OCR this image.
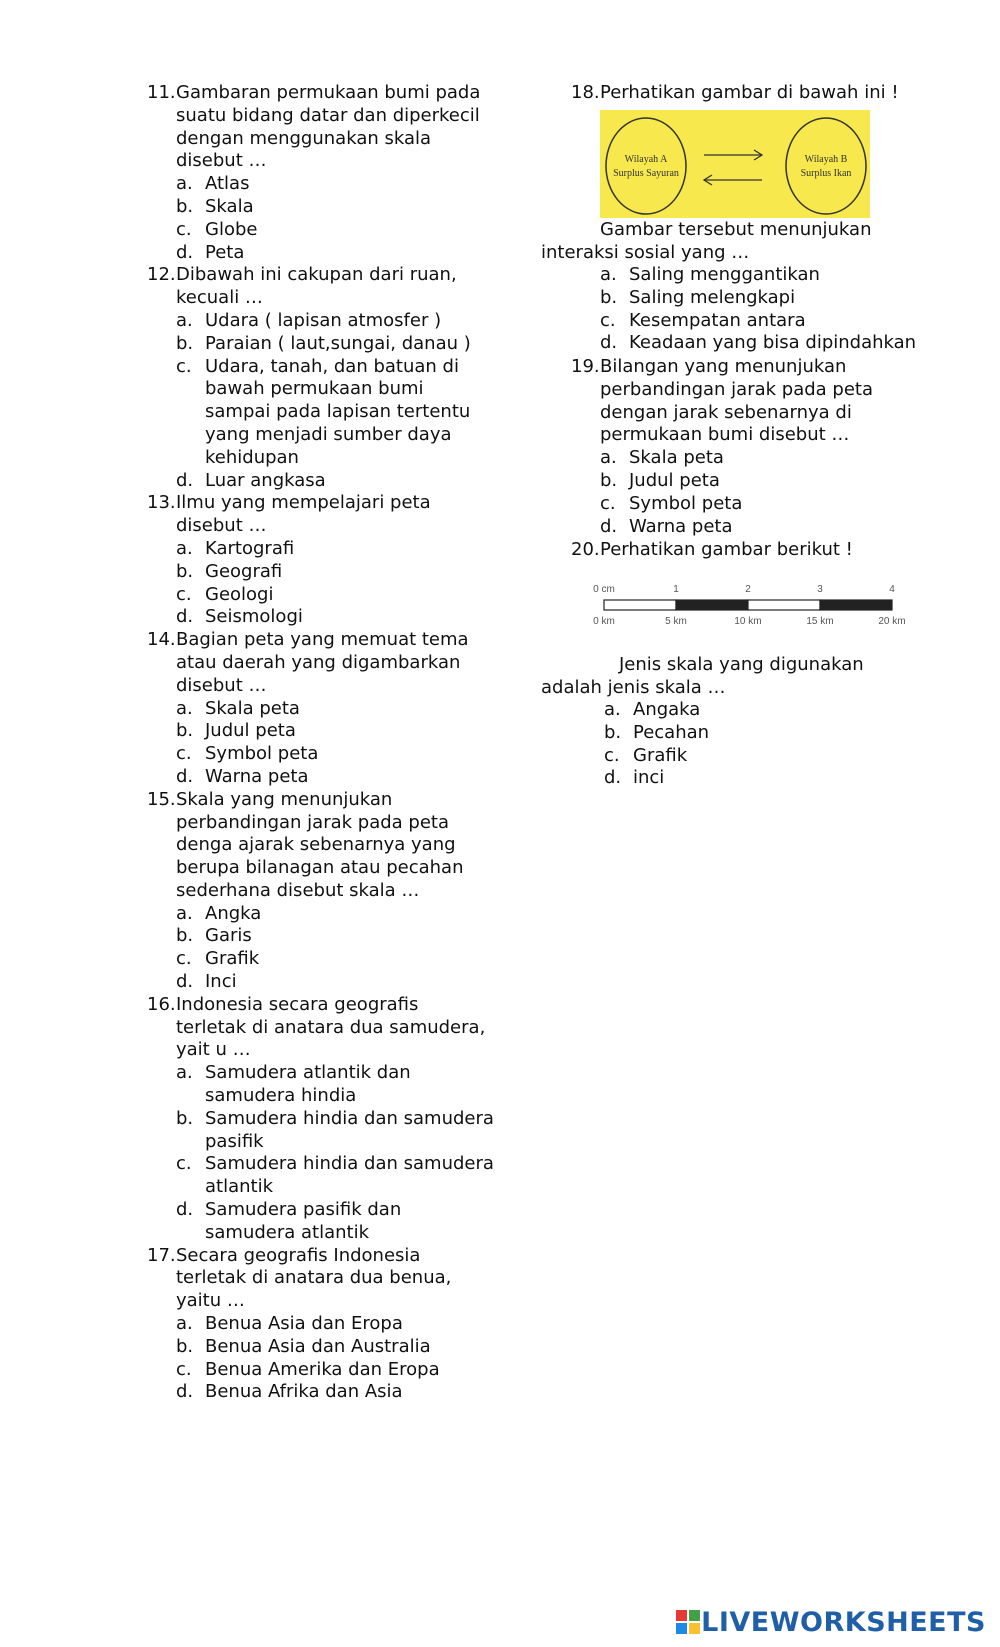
11. Gambaran permukaan bumi pada
suatu bidang datar dan diperkecil
dengan menggunakan skala
disebut …
a. Atlas
b. Skala
c. Globe
d. Peta
12. Dibawah ini cakupan dari ruan,
kecuali …
a. Udara ( lapisan atmosfer )
b. Paraian ( laut,sungai, danau )
c. Udara, tanah, dan batuan di
bawah permukaan bumi
sampai pada lapisan tertentu
yang menjadi sumber daya
kehidupan
d. Luar angkasa
13. Ilmu yang mempelajari peta
disebut …
a. Kartografi
b. Geografi
c. Geologi
d. Seismologi
14. Bagian peta yang memuat tema
atau daerah yang digambarkan
disebut …
a. Skala peta
b. Judul peta
c. Symbol peta
d. Warna peta
15. Skala yang menunjukan
perbandingan jarak pada peta
denga ajarak sebenarnya yang
berupa bilanagan atau pecahan
sederhana disebut skala …
a. Angka
b. Garis
c. Grafik
d. Inci
16. Indonesia secara geografis
terletak di anatara dua samudera,
yait u …
a. Samudera atlantik dan
samudera hindia
b. Samudera hindia dan samudera
pasifik
c. Samudera hindia dan samudera
atlantik
d. Samudera pasifik dan
samudera atlantik
17. Secara geografis Indonesia
terletak di anatara dua benua,
yaitu …
a. Benua Asia dan Eropa
b. Benua Asia dan Australia
c. Benua Amerika dan Eropa
d. Benua Afrika dan Asia
18. Perhatikan gambar di bawah ini !
Wilayah A
Surplus Sayuran
Wilayah B
Surplus Ikan
Gambar tersebut menunjukan
interaksi sosial yang …
a. Saling menggantikan
b. Saling melengkapi
c. Kesempatan antara
d. Keadaan yang bisa dipindahkan
19. Bilangan yang menunjukan
perbandingan jarak pada peta
dengan jarak sebenarnya di
permukaan bumi disebut …
a. Skala peta
b. Judul peta
c. Symbol peta
d. Warna peta
20. Perhatikan gambar berikut !
0 cm	1	2	3	4
0 km	5 km	10 km	15 km	20 km
Jenis skala yang digunakan
adalah jenis skala …
a. Angaka
b. Pecahan
c. Grafik
d. inci
LIVEWORKSHEETS
